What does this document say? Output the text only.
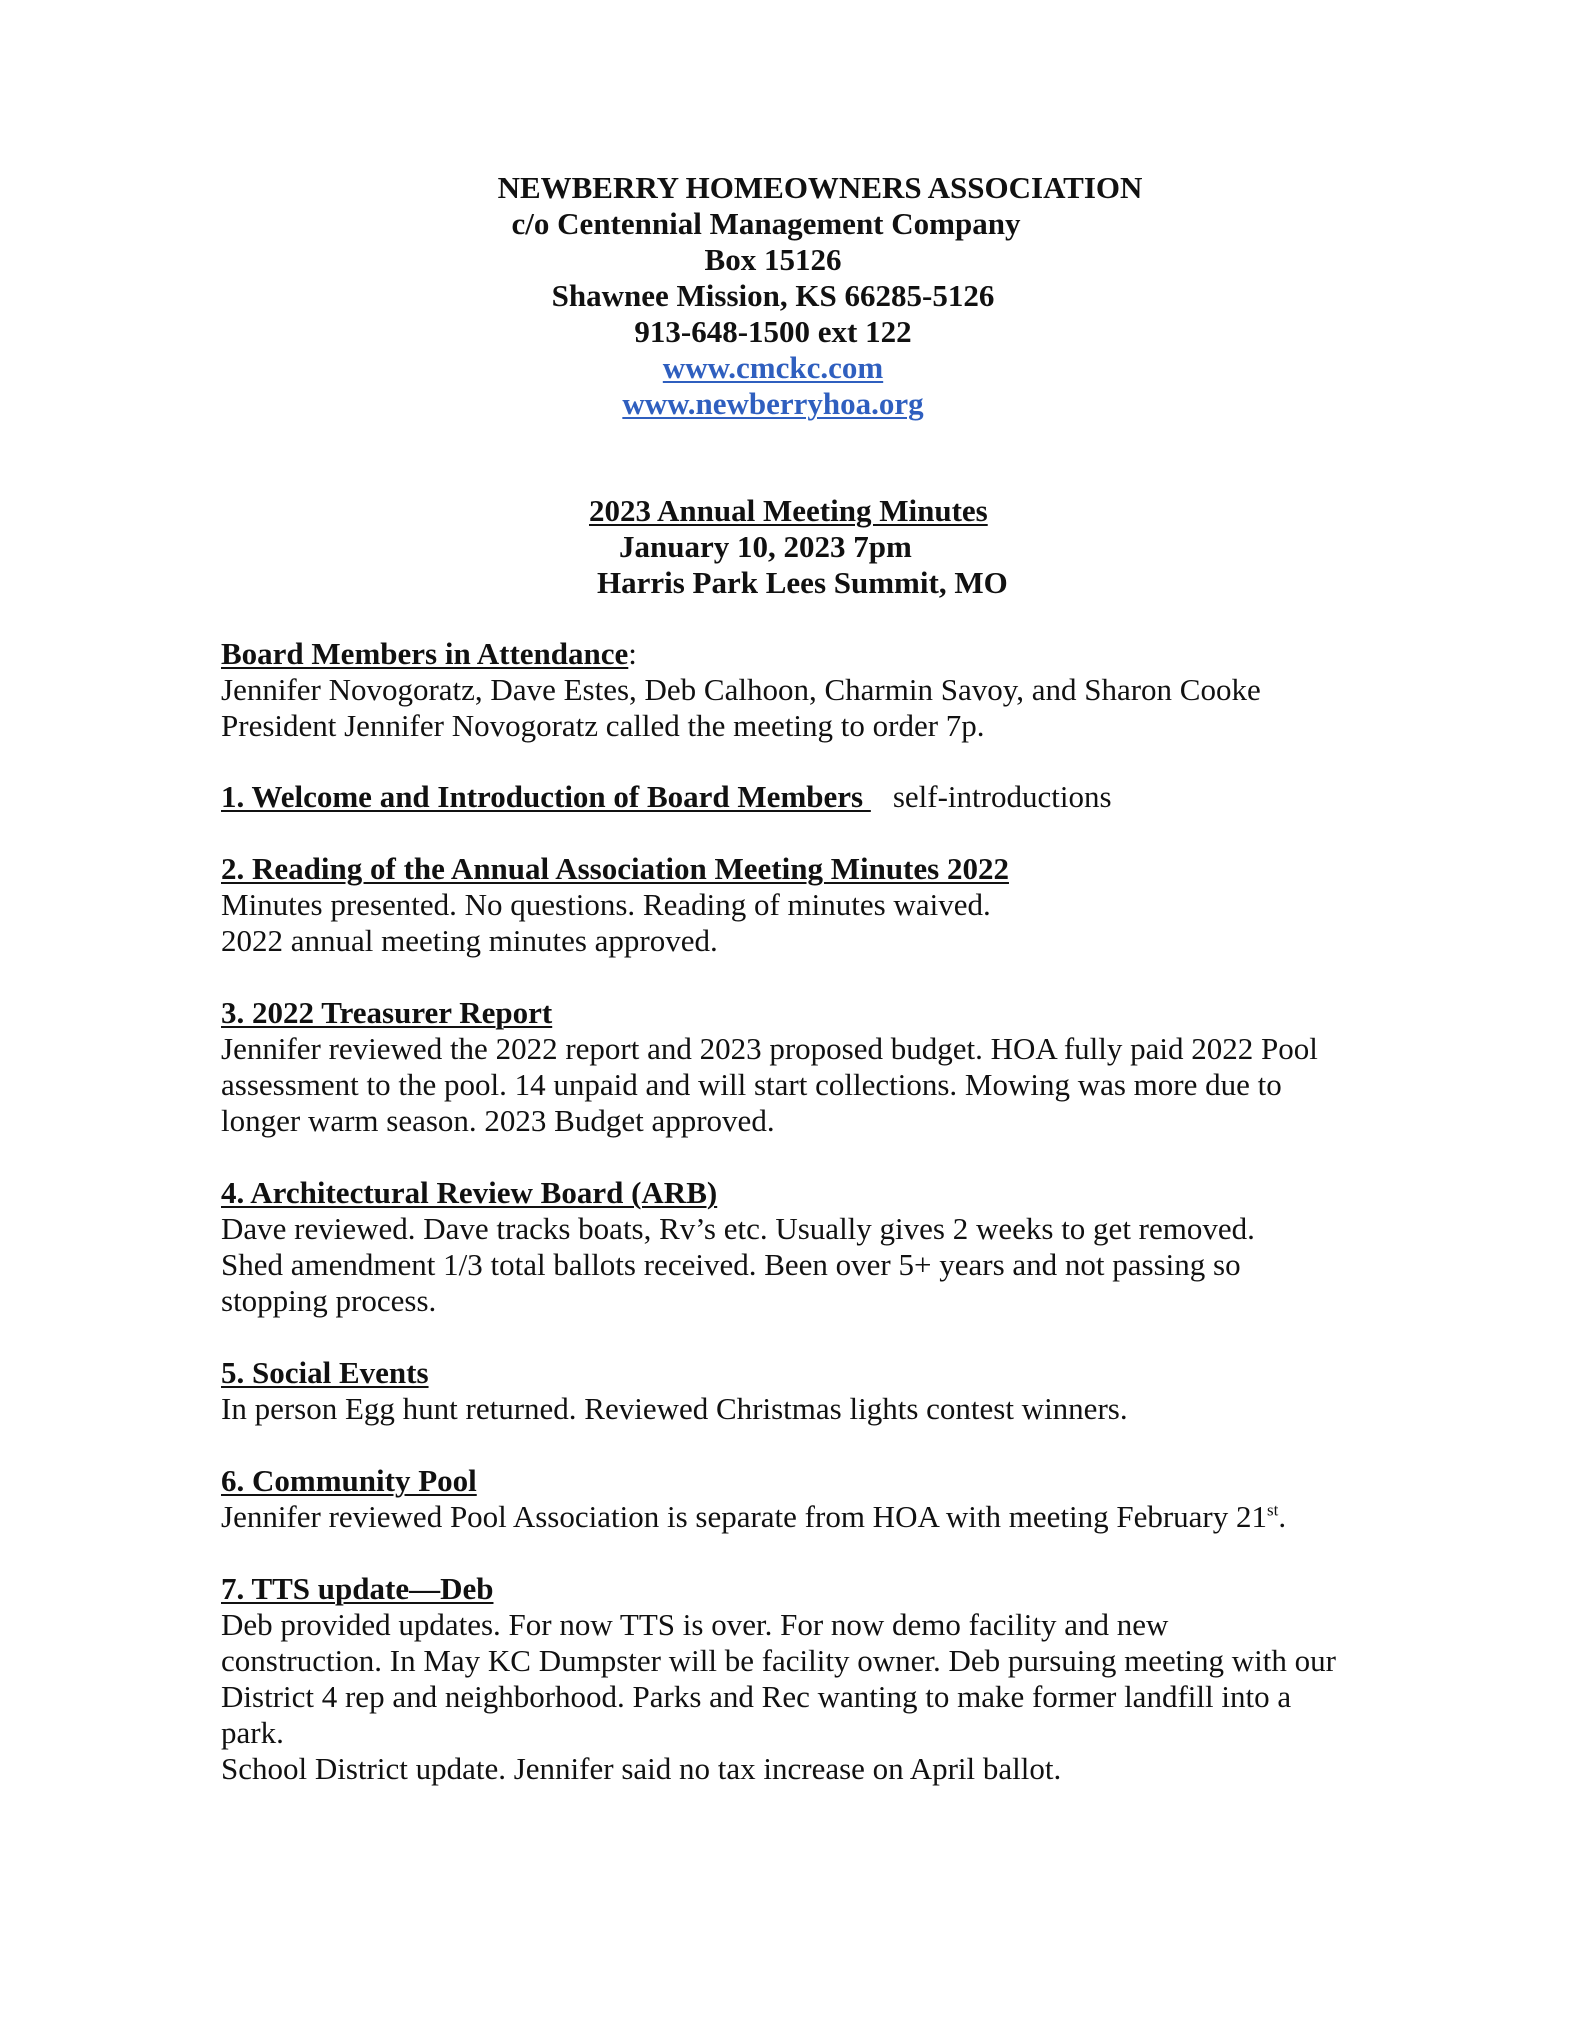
NEWBERRY HOMEOWNERS ASSOCIATION
c/o Centennial Management Company
Box 15126
Shawnee Mission, KS 66285-5126
913-648-1500 ext 122
www.cmckc.com
www.newberryhoa.org
2023 Annual Meeting Minutes
January 10, 2023 7pm
Harris Park Lees Summit, MO
Board Members in Attendance:
Jennifer Novogoratz, Dave Estes, Deb Calhoon, Charmin Savoy, and Sharon Cooke
President Jennifer Novogoratz called the meeting to order 7p.
1. Welcome and Introduction of Board Members self-introductions
2. Reading of the Annual Association Meeting Minutes 2022
Minutes presented. No questions. Reading of minutes waived.
2022 annual meeting minutes approved.
3. 2022 Treasurer Report
Jennifer reviewed the 2022 report and 2023 proposed budget. HOA fully paid 2022 Pool
assessment to the pool. 14 unpaid and will start collections. Mowing was more due to
longer warm season. 2023 Budget approved.
4. Architectural Review Board (ARB)
Dave reviewed. Dave tracks boats, Rv’s etc. Usually gives 2 weeks to get removed.
Shed amendment 1/3 total ballots received. Been over 5+ years and not passing so
stopping process.
5. Social Events
In person Egg hunt returned. Reviewed Christmas lights contest winners.
6. Community Pool
Jennifer reviewed Pool Association is separate from HOA with meeting February 21st.
7. TTS update—Deb
Deb provided updates. For now TTS is over. For now demo facility and new
construction. In May KC Dumpster will be facility owner. Deb pursuing meeting with our
District 4 rep and neighborhood. Parks and Rec wanting to make former landfill into a
park.
School District update. Jennifer said no tax increase on April ballot.
